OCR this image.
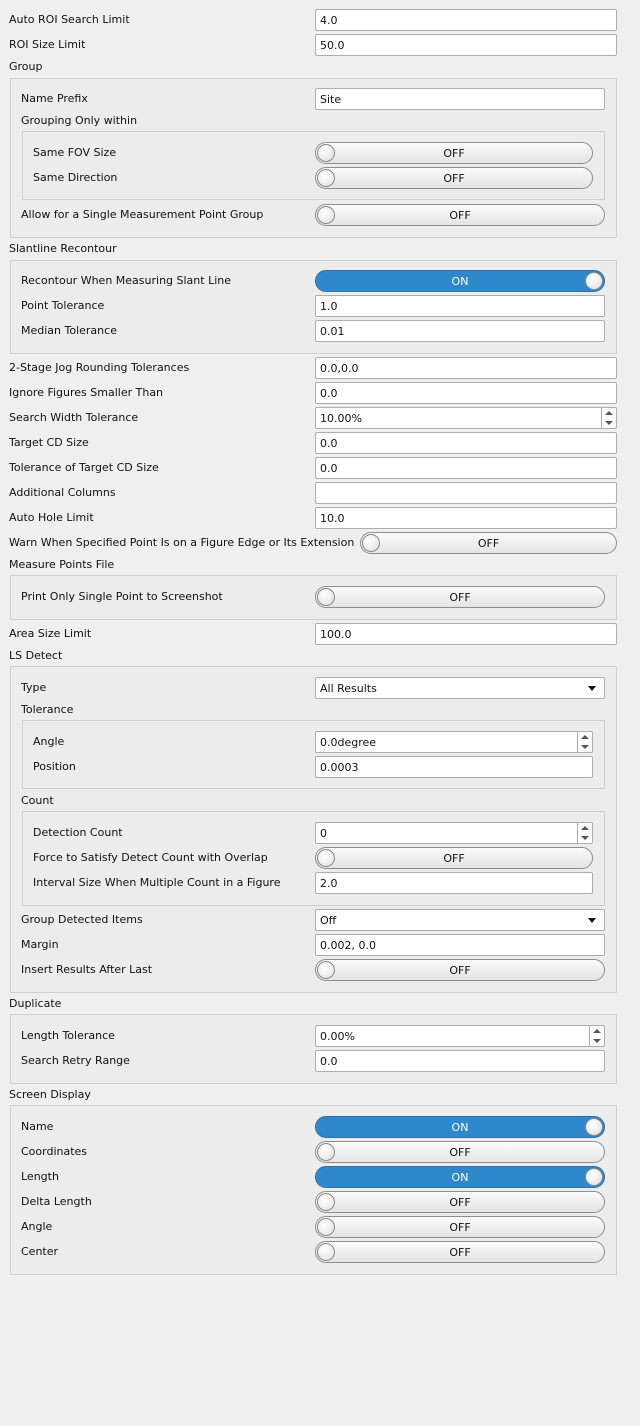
Auto ROI Search Limit	4.0
ROI Size Limit	50.0
Group
Name Prefix	Site
Grouping Only within
Same FOV Size	OFF
Same Direction	OFF
Allow for a Single Measurement Point Group	OFF
Slantline Recontour
Recontour When Measuring Slant Line	ON
Point Tolerance	1.0
Median Tolerance	0.01
2-Stage Jog Rounding Tolerances	0.0,0.0
Ignore Figures Smaller Than	0.0
Search Width Tolerance	10.00%
Target CD Size	0.0
Tolerance of Target CD Size	0.0
Additional Columns
Auto Hole Limit	10.0
Warn When Specified Point Is on a Figure Edge or Its Extension	OFF
Measure Points File
Print Only Single Point to Screenshot	OFF
Area Size Limit	100.0
LS Detect
Type	All Results
Tolerance
Angle	0.0degree
Position	0.0003
Count
Detection Count	0
Force to Satisfy Detect Count with Overlap	OFF
Interval Size When Multiple Count in a Figure	2.0
Group Detected Items	Off
Margin	0.002, 0.0
Insert Results After Last	OFF
Duplicate
Length Tolerance	0.00%
Search Retry Range	0.0
Screen Display
Name	ON
Coordinates	OFF
Length	ON
Delta Length	OFF
Angle	OFF
Center	OFF
